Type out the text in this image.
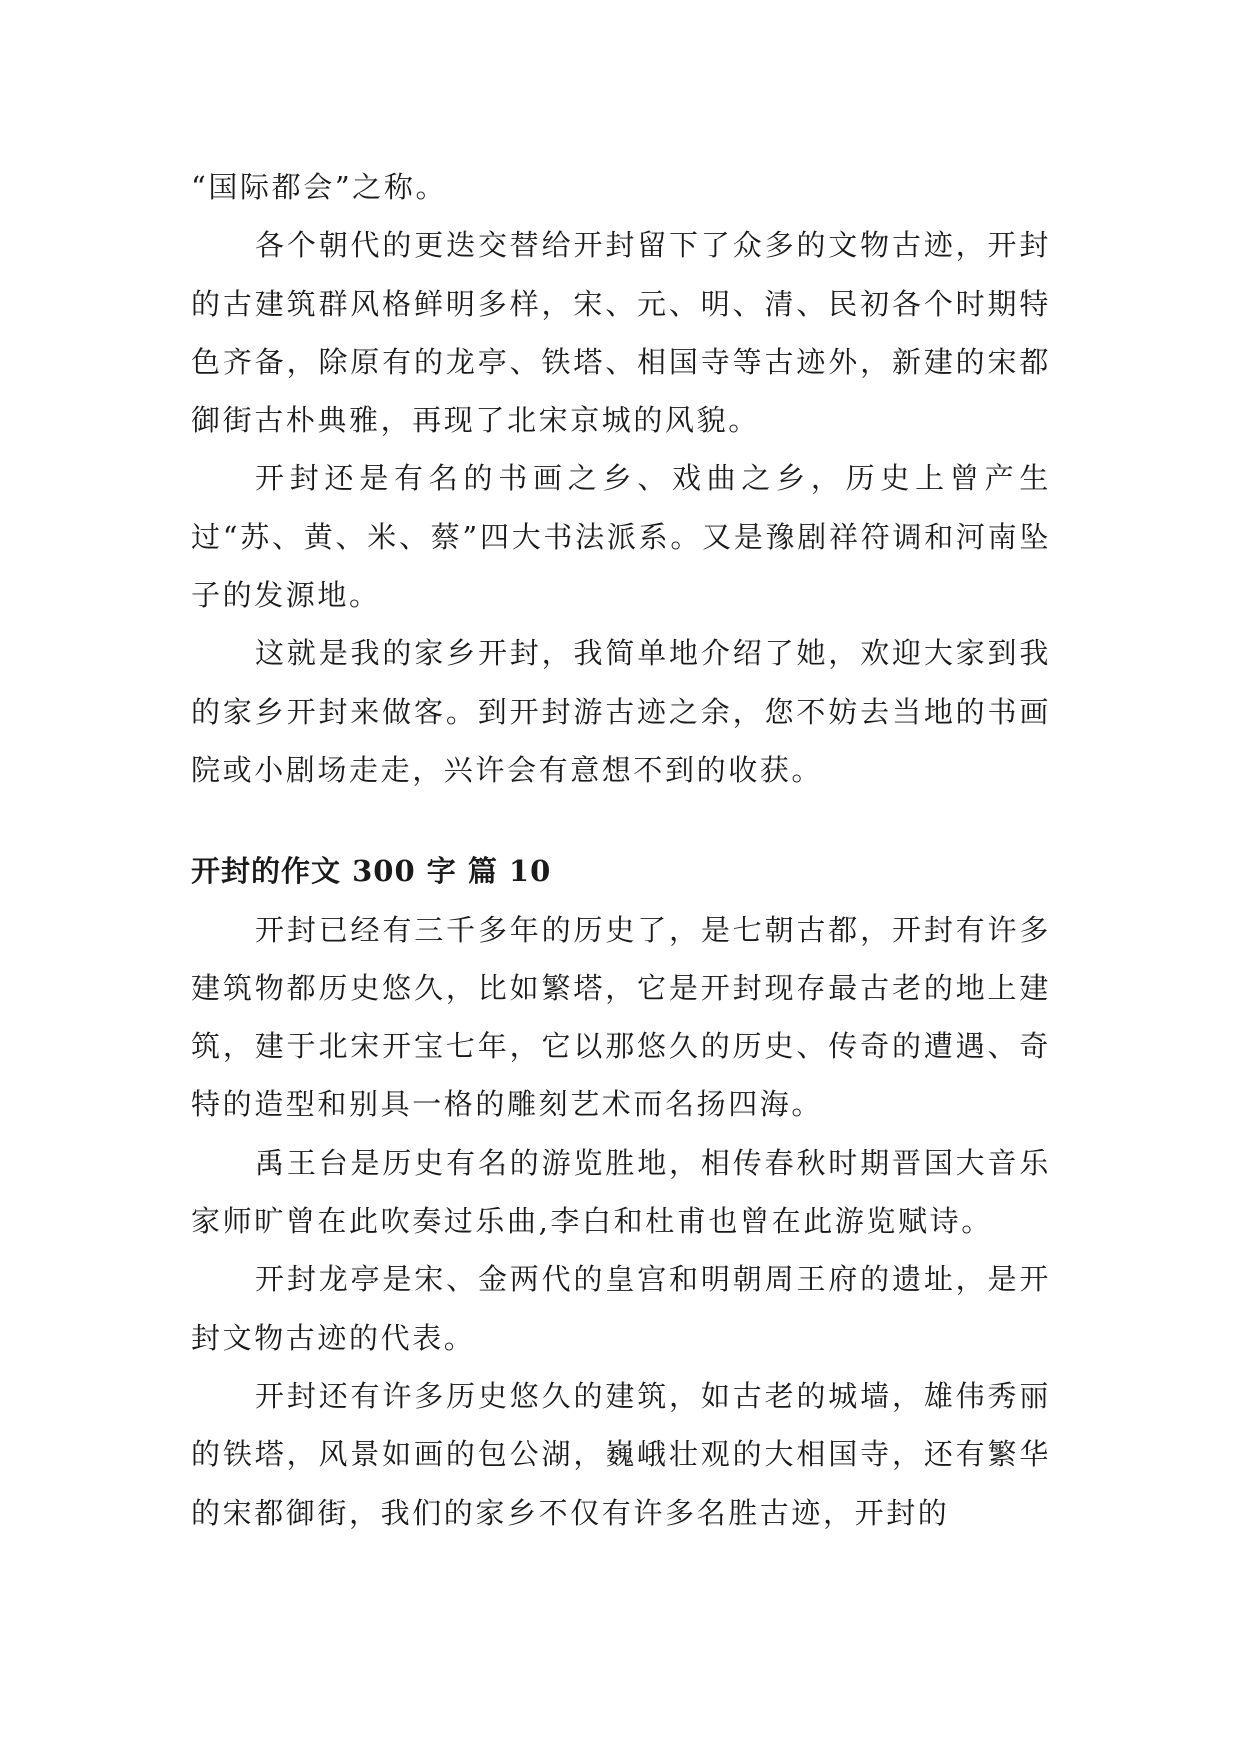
“国际都会”之称。

各个朝代的更迭交替给开封留下了众多的文物古迹，开封的古建筑群风格鲜明多样，宋、元、明、清、民初各个时期特色齐备，除原有的龙亭、铁塔、相国寺等古迹外，新建的宋都御街古朴典雅，再现了北宋京城的风貌。

开封还是有名的书画之乡、戏曲之乡，历史上曾产生过“苏、黄、米、蔡”四大书法派系。又是豫剧祥符调和河南坠子的发源地。

这就是我的家乡开封，我简单地介绍了她，欢迎大家到我的家乡开封来做客。到开封游古迹之余，您不妨去当地的书画院或小剧场走走，兴许会有意想不到的收获。

开封的作文 300 字 篇 10

开封已经有三千多年的历史了，是七朝古都，开封有许多建筑物都历史悠久，比如繁塔，它是开封现存最古老的地上建筑，建于北宋开宝七年，它以那悠久的历史、传奇的遭遇、奇特的造型和别具一格的雕刻艺术而名扬四海。

禹王台是历史有名的游览胜地，相传春秋时期晋国大音乐家师旷曾在此吹奏过乐曲,李白和杜甫也曾在此游览赋诗。

开封龙亭是宋、金两代的皇宫和明朝周王府的遗址，是开封文物古迹的代表。

开封还有许多历史悠久的建筑，如古老的城墙，雄伟秀丽的铁塔，风景如画的包公湖，巍峨壮观的大相国寺，还有繁华的宋都御街，我们的家乡不仅有许多名胜古迹，开封的
